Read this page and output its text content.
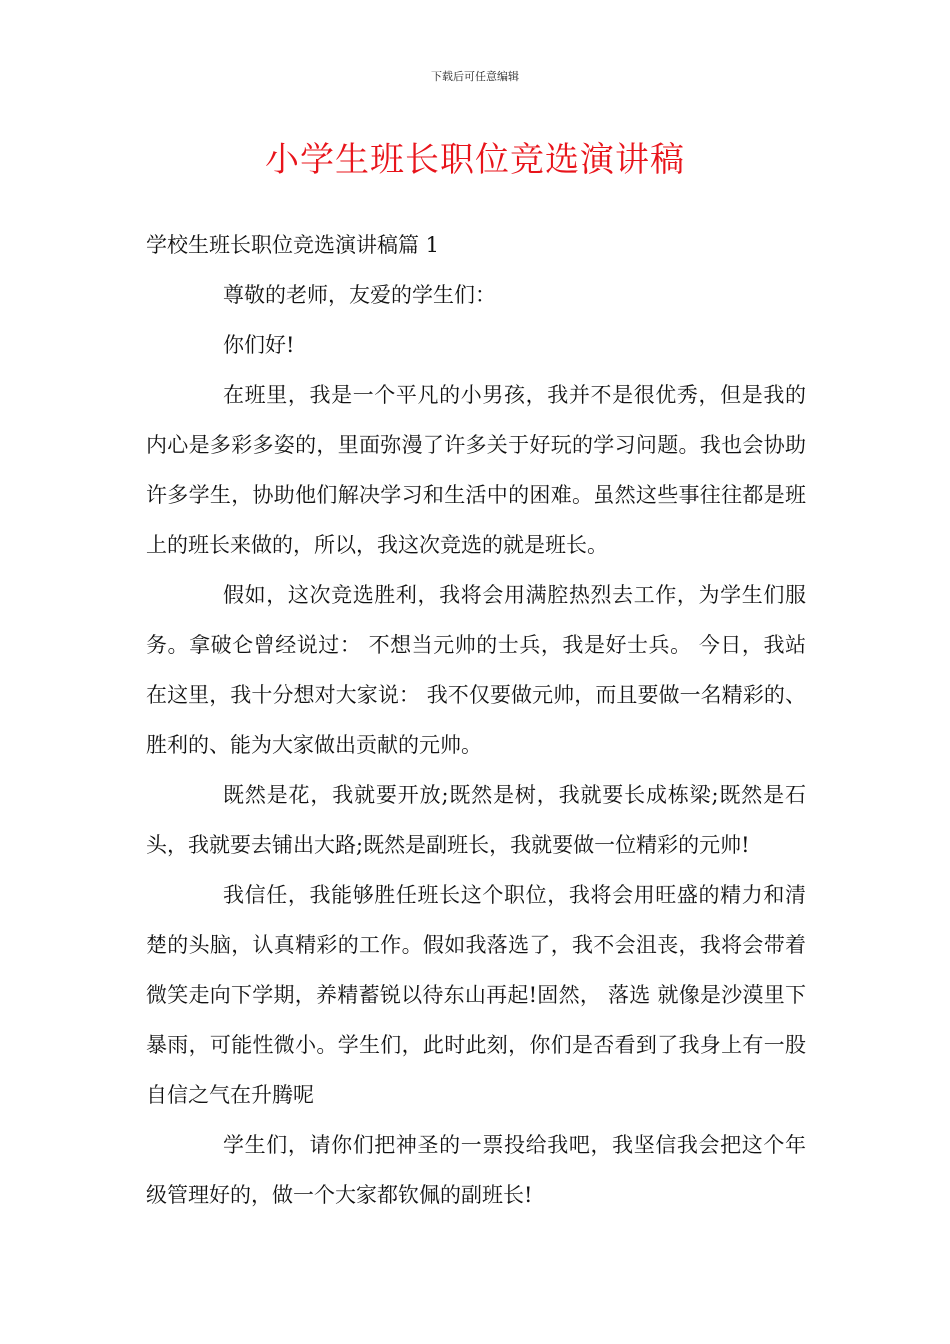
下载后可任意编辑
小学生班长职位竞选演讲稿

学校生班长职位竞选演讲稿篇 1

尊敬的老师，友爱的学生们：

你们好!

在班里，我是一个平凡的小男孩，我并不是很优秀，但是我的内心是多彩多姿的，里面弥漫了许多关于好玩的学习问题。我也会协助许多学生，协助他们解决学习和生活中的困难。虽然这些事往往都是班上的班长来做的，所以，我这次竞选的就是班长。

假如，这次竞选胜利，我将会用满腔热烈去工作，为学生们服务。拿破仑曾经说过： 不想当元帅的士兵，我是好士兵。 今日，我站在这里，我十分想对大家说： 我不仅要做元帅，而且要做一名精彩的、胜利的、能为大家做出贡献的元帅。

既然是花，我就要开放;既然是树，我就要长成栋梁;既然是石头，我就要去铺出大路;既然是副班长，我就要做一位精彩的元帅!

我信任，我能够胜任班长这个职位，我将会用旺盛的精力和清楚的头脑，认真精彩的工作。假如我落选了，我不会沮丧，我将会带着微笑走向下学期，养精蓄锐以待东山再起!固然， 落选 就像是沙漠里下暴雨，可能性微小。学生们，此时此刻，你们是否看到了我身上有一股自信之气在升腾呢

学生们，请你们把神圣的一票投给我吧，我坚信我会把这个年级管理好的，做一个大家都钦佩的副班长!
